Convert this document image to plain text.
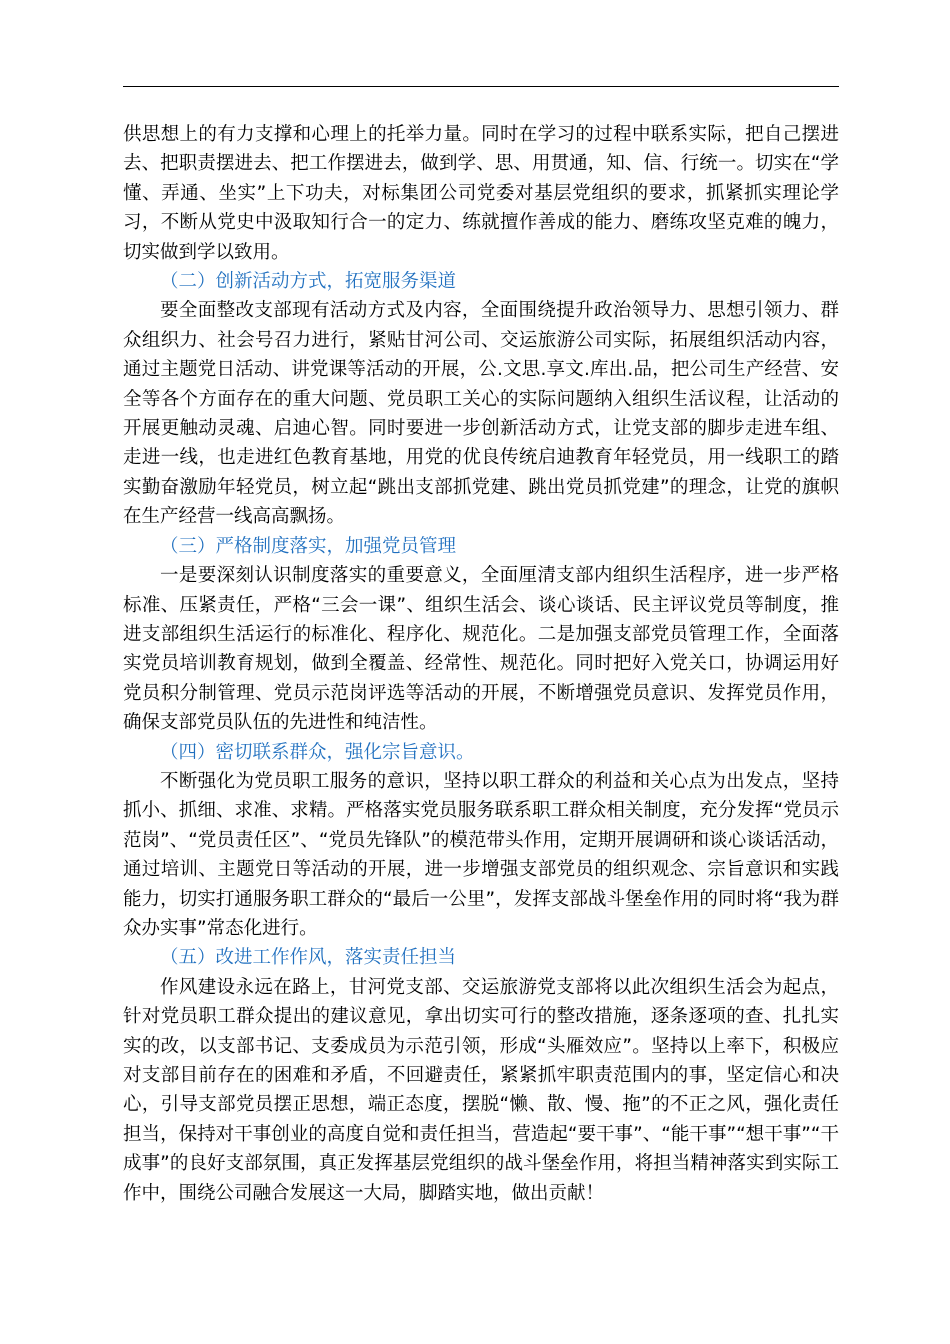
供思想上的有力支撑和心理上的托举力量。同时在学习的过程中联系实际，把自己摆进去、把职责摆进去、把工作摆进去，做到学、思、用贯通，知、信、行统一。切实在“学懂、弄通、坐实”上下功夫，对标集团公司党委对基层党组织的要求，抓紧抓实理论学习，不断从党史中汲取知行合一的定力、练就擅作善成的能力、磨练攻坚克难的魄力，切实做到学以致用。

（二）创新活动方式，拓宽服务渠道

要全面整改支部现有活动方式及内容，全面围绕提升政治领导力、思想引领力、群众组织力、社会号召力进行，紧贴甘河公司、交运旅游公司实际，拓展组织活动内容，通过主题党日活动、讲党课等活动的开展，公.文思.享文.库出.品，把公司生产经营、安全等各个方面存在的重大问题、党员职工关心的实际问题纳入组织生活议程，让活动的开展更触动灵魂、启迪心智。同时要进一步创新活动方式，让党支部的脚步走进车组、走进一线，也走进红色教育基地，用党的优良传统启迪教育年轻党员，用一线职工的踏实勤奋激励年轻党员，树立起“跳出支部抓党建、跳出党员抓党建”的理念，让党的旗帜在生产经营一线高高飘扬。

（三）严格制度落实，加强党员管理

一是要深刻认识制度落实的重要意义，全面厘清支部内组织生活程序，进一步严格标准、压紧责任，严格“三会一课”、组织生活会、谈心谈话、民主评议党员等制度，推进支部组织生活运行的标准化、程序化、规范化。二是加强支部党员管理工作，全面落实党员培训教育规划，做到全覆盖、经常性、规范化。同时把好入党关口，协调运用好党员积分制管理、党员示范岗评选等活动的开展，不断增强党员意识、发挥党员作用，确保支部党员队伍的先进性和纯洁性。

（四）密切联系群众，强化宗旨意识。

不断强化为党员职工服务的意识，坚持以职工群众的利益和关心点为出发点，坚持抓小、抓细、求准、求精。严格落实党员服务联系职工群众相关制度，充分发挥“党员示范岗”、“党员责任区”、“党员先锋队”的模范带头作用，定期开展调研和谈心谈话活动，通过培训、主题党日等活动的开展，进一步增强支部党员的组织观念、宗旨意识和实践能力，切实打通服务职工群众的“最后一公里”，发挥支部战斗堡垒作用的同时将“我为群众办实事”常态化进行。

（五）改进工作作风，落实责任担当

作风建设永远在路上，甘河党支部、交运旅游党支部将以此次组织生活会为起点，针对党员职工群众提出的建议意见，拿出切实可行的整改措施，逐条逐项的查、扎扎实实的改，以支部书记、支委成员为示范引领，形成“头雁效应”。坚持以上率下，积极应对支部目前存在的困难和矛盾，不回避责任，紧紧抓牢职责范围内的事，坚定信心和决心，引导支部党员摆正思想，端正态度，摆脱“懒、散、慢、拖”的不正之风，强化责任担当，保持对干事创业的高度自觉和责任担当，营造起“要干事”、“能干事”“想干事”“干成事”的良好支部氛围，真正发挥基层党组织的战斗堡垒作用，将担当精神落实到实际工作中，围绕公司融合发展这一大局，脚踏实地，做出贡献！
